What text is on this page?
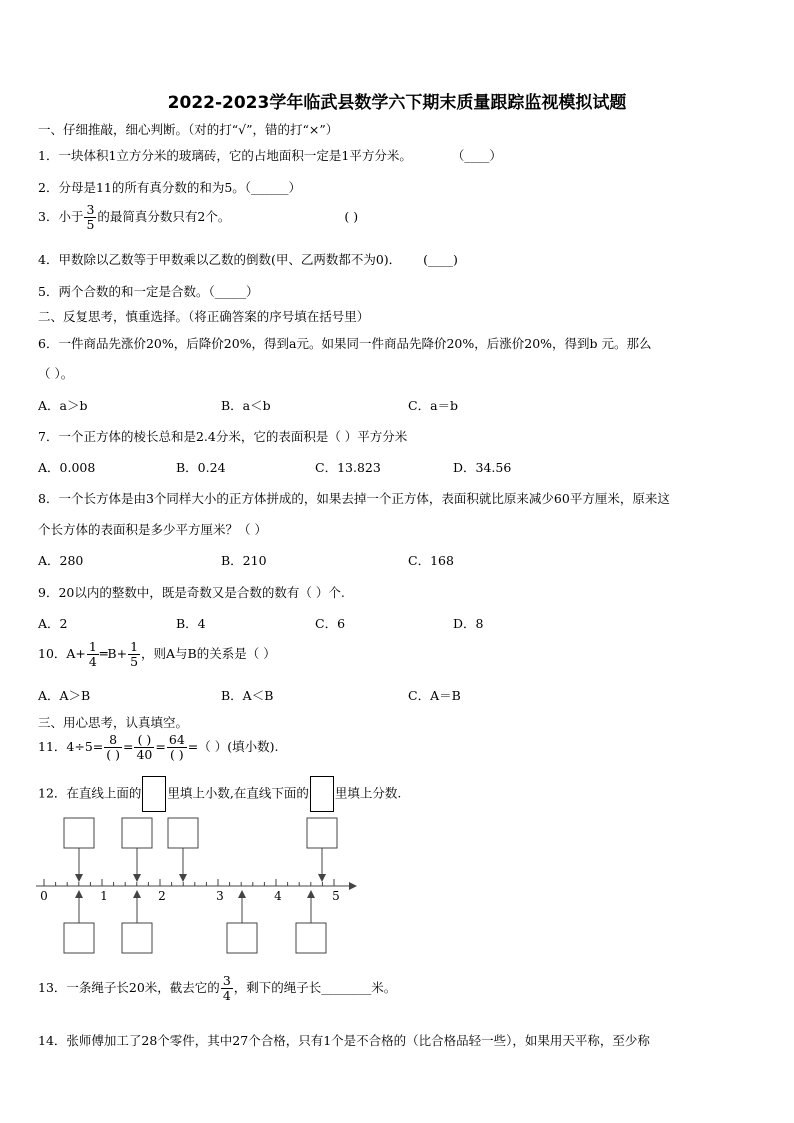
2022-2023学年临武县数学六下期末质量跟踪监视模拟试题
一、仔细推敲，细心判断。（对的打“√”，错的打“×”）
1．一块体积1立方分米的玻璃砖，它的占地面积一定是1平方分米。	（____）
2．分母是11的所有真分数的和为5。（______）
3．小于 $\frac{3}{5}$ 的最简真分数只有2个。	( )
4．甲数除以乙数等于甲数乘以乙数的倒数(甲、乙两数都不为0)． (____)
5．两个合数的和一定是合数。（_____）
二、反复思考，慎重选择。（将正确答案的序号填在括号里）
6．一件商品先涨价20%，后降价20%，得到a元。如果同一件商品先降价20%，后涨价20%，得到b 元。那么
（ ）。
A．a＞b	B．a＜b	C．a＝b
7．一个正方体的棱长总和是2.4分米，它的表面积是（ ）平方分米
A．0.008	B．0.24	C．13.823	D．34.56
8．一个长方体是由3个同样大小的正方体拼成的，如果去掉一个正方体，表面积就比原来减少60平方厘米，原来这
个长方体的表面积是多少平方厘米？（ ）
A．280	B．210	C．168
9．20以内的整数中，既是奇数又是合数的数有（ ）个.
A．2	B．4	C．6	D．8
10．$A+ \frac{1}{4}$ ═B+ $\frac{1}{5}$ ，则A与B的关系是（ ）
A．A＞B	B．A＜B	C．A＝B
三、用心思考，认真填空。
11．$4\div 5= \frac{8}{( )} = \frac{( )}{40} = \frac{64}{( )}$ =（ ）(填小数).
12．在直线上面的 里填上小数,在直线下面的 里填上分数.
0	1	2	3	4	5
13．一条绳子长20米，截去它的 $\frac{3}{4}$ ，剩下的绳子长________米。
14．张师傅加工了28个零件，其中27个合格，只有1个是不合格的（比合格品轻一些），如果用天平称，至少称
